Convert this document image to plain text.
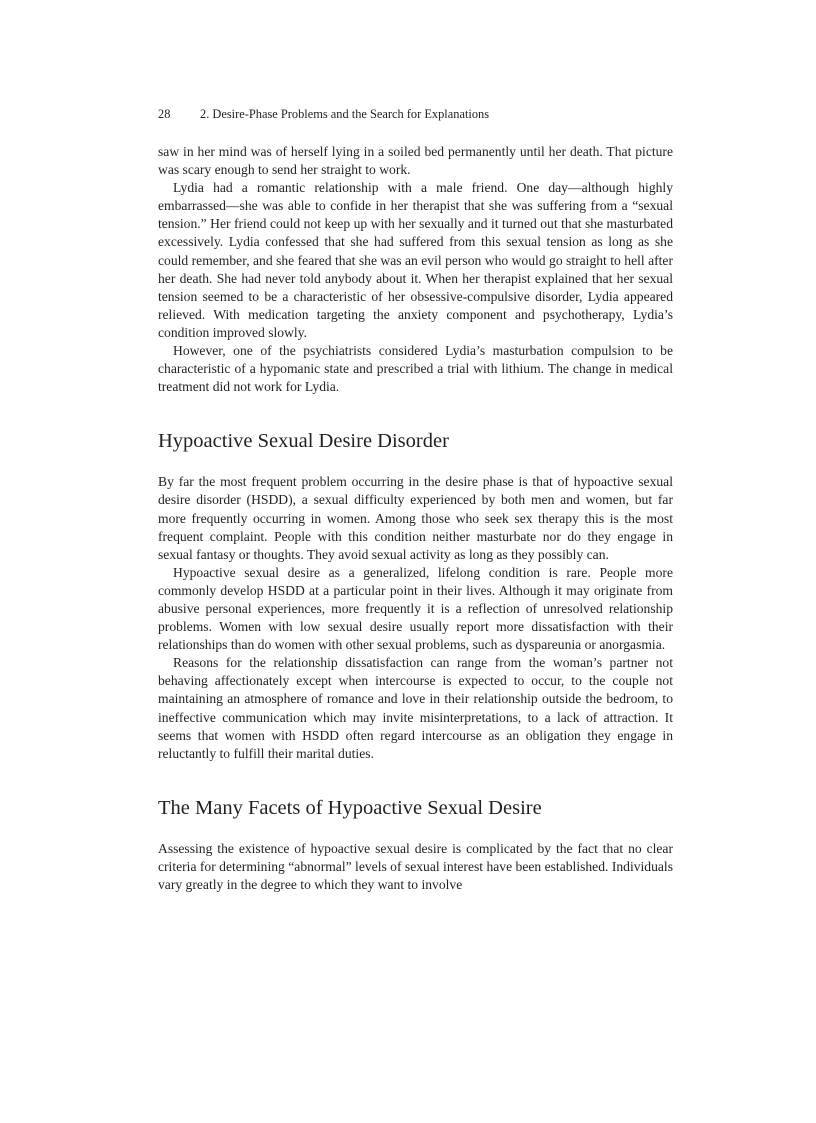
28 2. Desire-Phase Problems and the Search for Explanations

saw in her mind was of herself lying in a soiled bed permanently until her death. That picture was scary enough to send her straight to work.

Lydia had a romantic relationship with a male friend. One day—although highly embarrassed—she was able to confide in her therapist that she was suffering from a “sexual tension.” Her friend could not keep up with her sexually and it turned out that she masturbated excessively. Lydia confessed that she had suffered from this sexual tension as long as she could remember, and she feared that she was an evil person who would go straight to hell after her death. She had never told anybody about it. When her therapist explained that her sexual tension seemed to be a characteristic of her obsessive-compulsive disorder, Lydia appeared relieved. With medication targeting the anxiety component and psychotherapy, Lydia’s condition improved slowly.

However, one of the psychiatrists considered Lydia’s masturbation compulsion to be characteristic of a hypomanic state and prescribed a trial with lithium. The change in medical treatment did not work for Lydia.

Hypoactive Sexual Desire Disorder

By far the most frequent problem occurring in the desire phase is that of hypoactive sexual desire disorder (HSDD), a sexual difficulty experienced by both men and women, but far more frequently occurring in women. Among those who seek sex therapy this is the most frequent complaint. People with this condition neither masturbate nor do they engage in sexual fantasy or thoughts. They avoid sexual activity as long as they possibly can.

Hypoactive sexual desire as a generalized, lifelong condition is rare. People more commonly develop HSDD at a particular point in their lives. Although it may originate from abusive personal experiences, more frequently it is a reflection of unresolved relationship problems. Women with low sexual desire usually report more dissatisfaction with their relationships than do women with other sexual problems, such as dyspareunia or anorgasmia.

Reasons for the relationship dissatisfaction can range from the woman’s partner not behaving affectionately except when intercourse is expected to occur, to the couple not maintaining an atmosphere of romance and love in their relationship outside the bedroom, to ineffective communication which may invite misinterpretations, to a lack of attraction. It seems that women with HSDD often regard intercourse as an obligation they engage in reluctantly to fulfill their marital duties.

The Many Facets of Hypoactive Sexual Desire

Assessing the existence of hypoactive sexual desire is complicated by the fact that no clear criteria for determining “abnormal” levels of sexual interest have been established. Individuals vary greatly in the degree to which they want to involve
